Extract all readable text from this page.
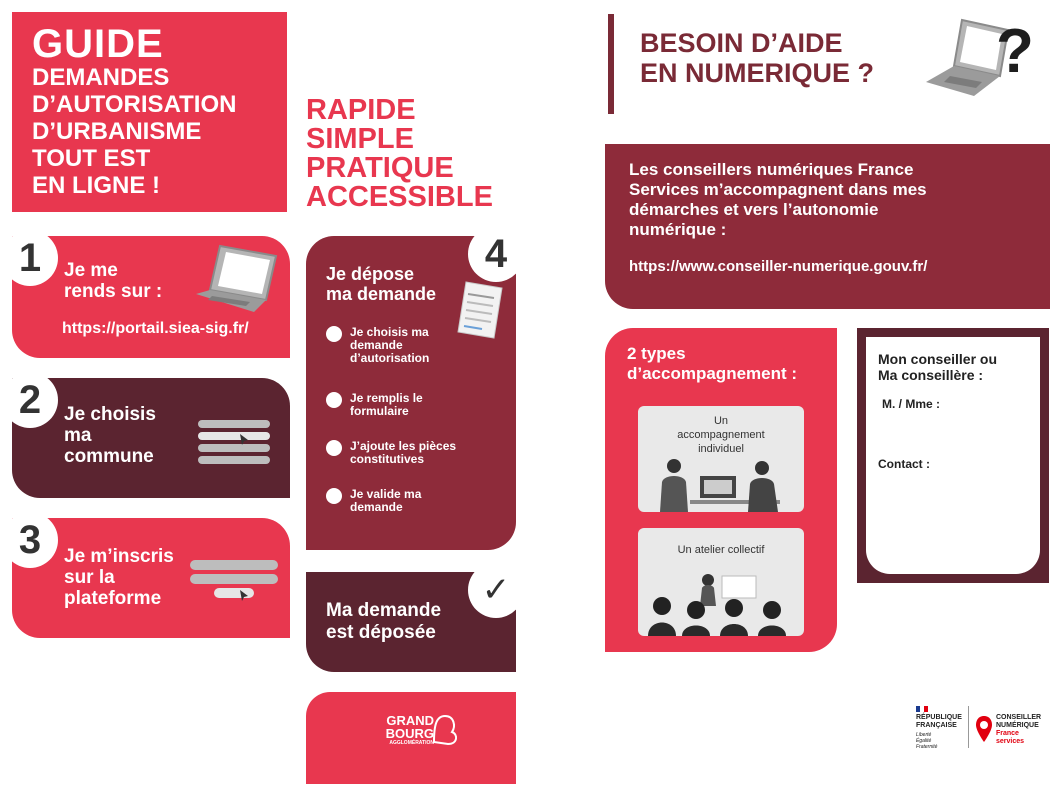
GUIDE
DEMANDES
D’AUTORISATION
D’URBANISME
TOUT EST
EN LIGNE !
RAPIDE
SIMPLE
PRATIQUE
ACCESSIBLE
1	Je me
rends sur :
https://portail.siea-sig.fr/
2	Je choisis
ma
commune
3	Je m’inscris
sur la
plateforme
4
Je dépose
ma demande
Je choisis ma
demande
d’autorisation
Je remplis le
formulaire
J’ajoute les pièces
constitutives
Je valide ma
demande
✓
Ma demande
est déposée
GRAND
BOURG
AGGLOMÉRATION
BESOIN D’AIDE
EN NUMERIQUE ? ?
Les conseillers numériques France
Services m’accompagnent dans mes
démarches et vers l’autonomie
numérique :
https://www.conseiller-numerique.gouv.fr/
2 types
d’accompagnement :
Un
accompagnement
individuel
Un atelier collectif
Mon conseiller ou
Ma conseillère :
M. / Mme :
Contact :
RÉPUBLIQUE
FRANÇAISE
Liberté
Égalité
Fraternité
CONSEILLER
NUMÉRIQUE
France
services
